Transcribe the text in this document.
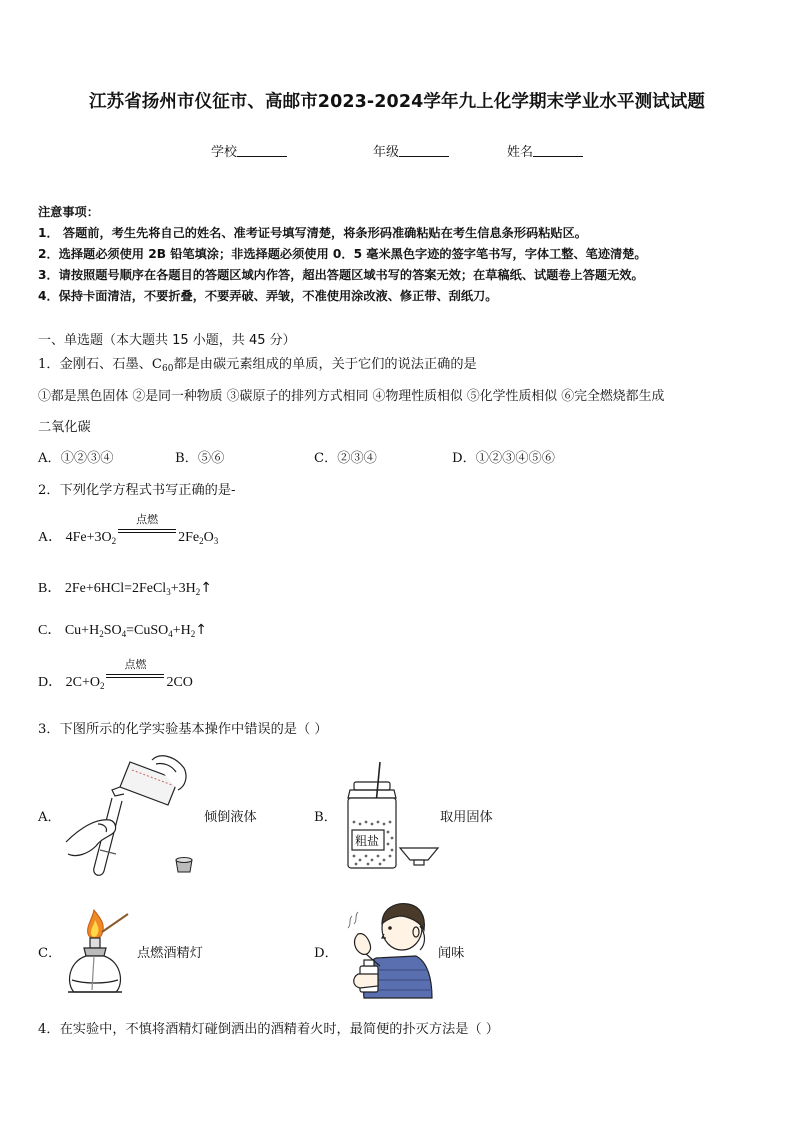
江苏省扬州市仪征市、高邮市2023-2024学年九上化学期末学业水平测试试题
学校	年级	姓名
注意事项：
1． 答题前，考生先将自己的姓名、准考证号填写清楚，将条形码准确粘贴在考生信息条形码粘贴区。
2．选择题必须使用 2B 铅笔填涂；非选择题必须使用 0．5 毫米黑色字迹的签字笔书写，字体工整、笔迹清楚。
3．请按照题号顺序在各题目的答题区域内作答，超出答题区域书写的答案无效；在草稿纸、试题卷上答题无效。
4．保持卡面清洁，不要折叠，不要弄破、弄皱，不准使用涂改液、修正带、刮纸刀。
一、单选题（本大题共 15 小题，共 45 分）
1．金刚石、石墨、$C_{60}$都是由碳元素组成的单质，关于它们的说法正确的是
①都是黑色固体 ②是同一种物质 ③碳原子的排列方式相同 ④物理性质相似 ⑤化学性质相似 ⑥完全燃烧都生成
二氧化碳
A．①②③④	B．⑤⑥	C．②③④	D．①②③④⑤⑥
2．下列化学方程式书写正确的是-
A． $4Fe+3O_2$
点燃
$2Fe_2O_3$
B． $2Fe+6HCl=2FeCl_3+3H_2↑$
C． $Cu+H_2SO_4=CuSO_4+H_2↑$
D． $2C+O_2$
点燃
2CO
3．下图所示的化学实验基本操作中错误的是（ ）
A．	倾倒液体	B．
粗盐
取用固体
C．	点燃酒精灯	D．	闻味
4．在实验中，不慎将酒精灯碰倒洒出的酒精着火时，最简便的扑灭方法是（ ）
